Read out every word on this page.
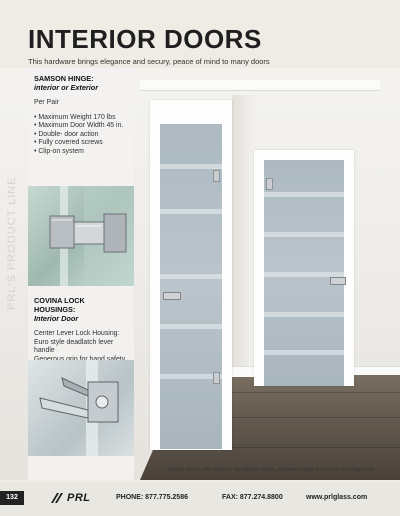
INTERIOR DOORS
This hardware brings elegance and secury, peace of mind to many doors

SAMSON HINGE:

interior or Exterior

Per Pair

• Maximum Weight 170 lbs
• Maximum Door Width 45 in.
• Double- door action
• Fully covered screws
• Clip-on system

COVINA LOCK HOUSINGS:

Interior Door

Center Lever Lock Housing:

Euro style deadlatch lever handle

PRL'S PRODUCT LINE
Interior Dorrs with Custom Sandblast Glass, Samson Hinge & Covina Housing Lock
132	PRL	PHONE: 877.775.2586	FAX: 877.274.8800	www.prlglass.com
